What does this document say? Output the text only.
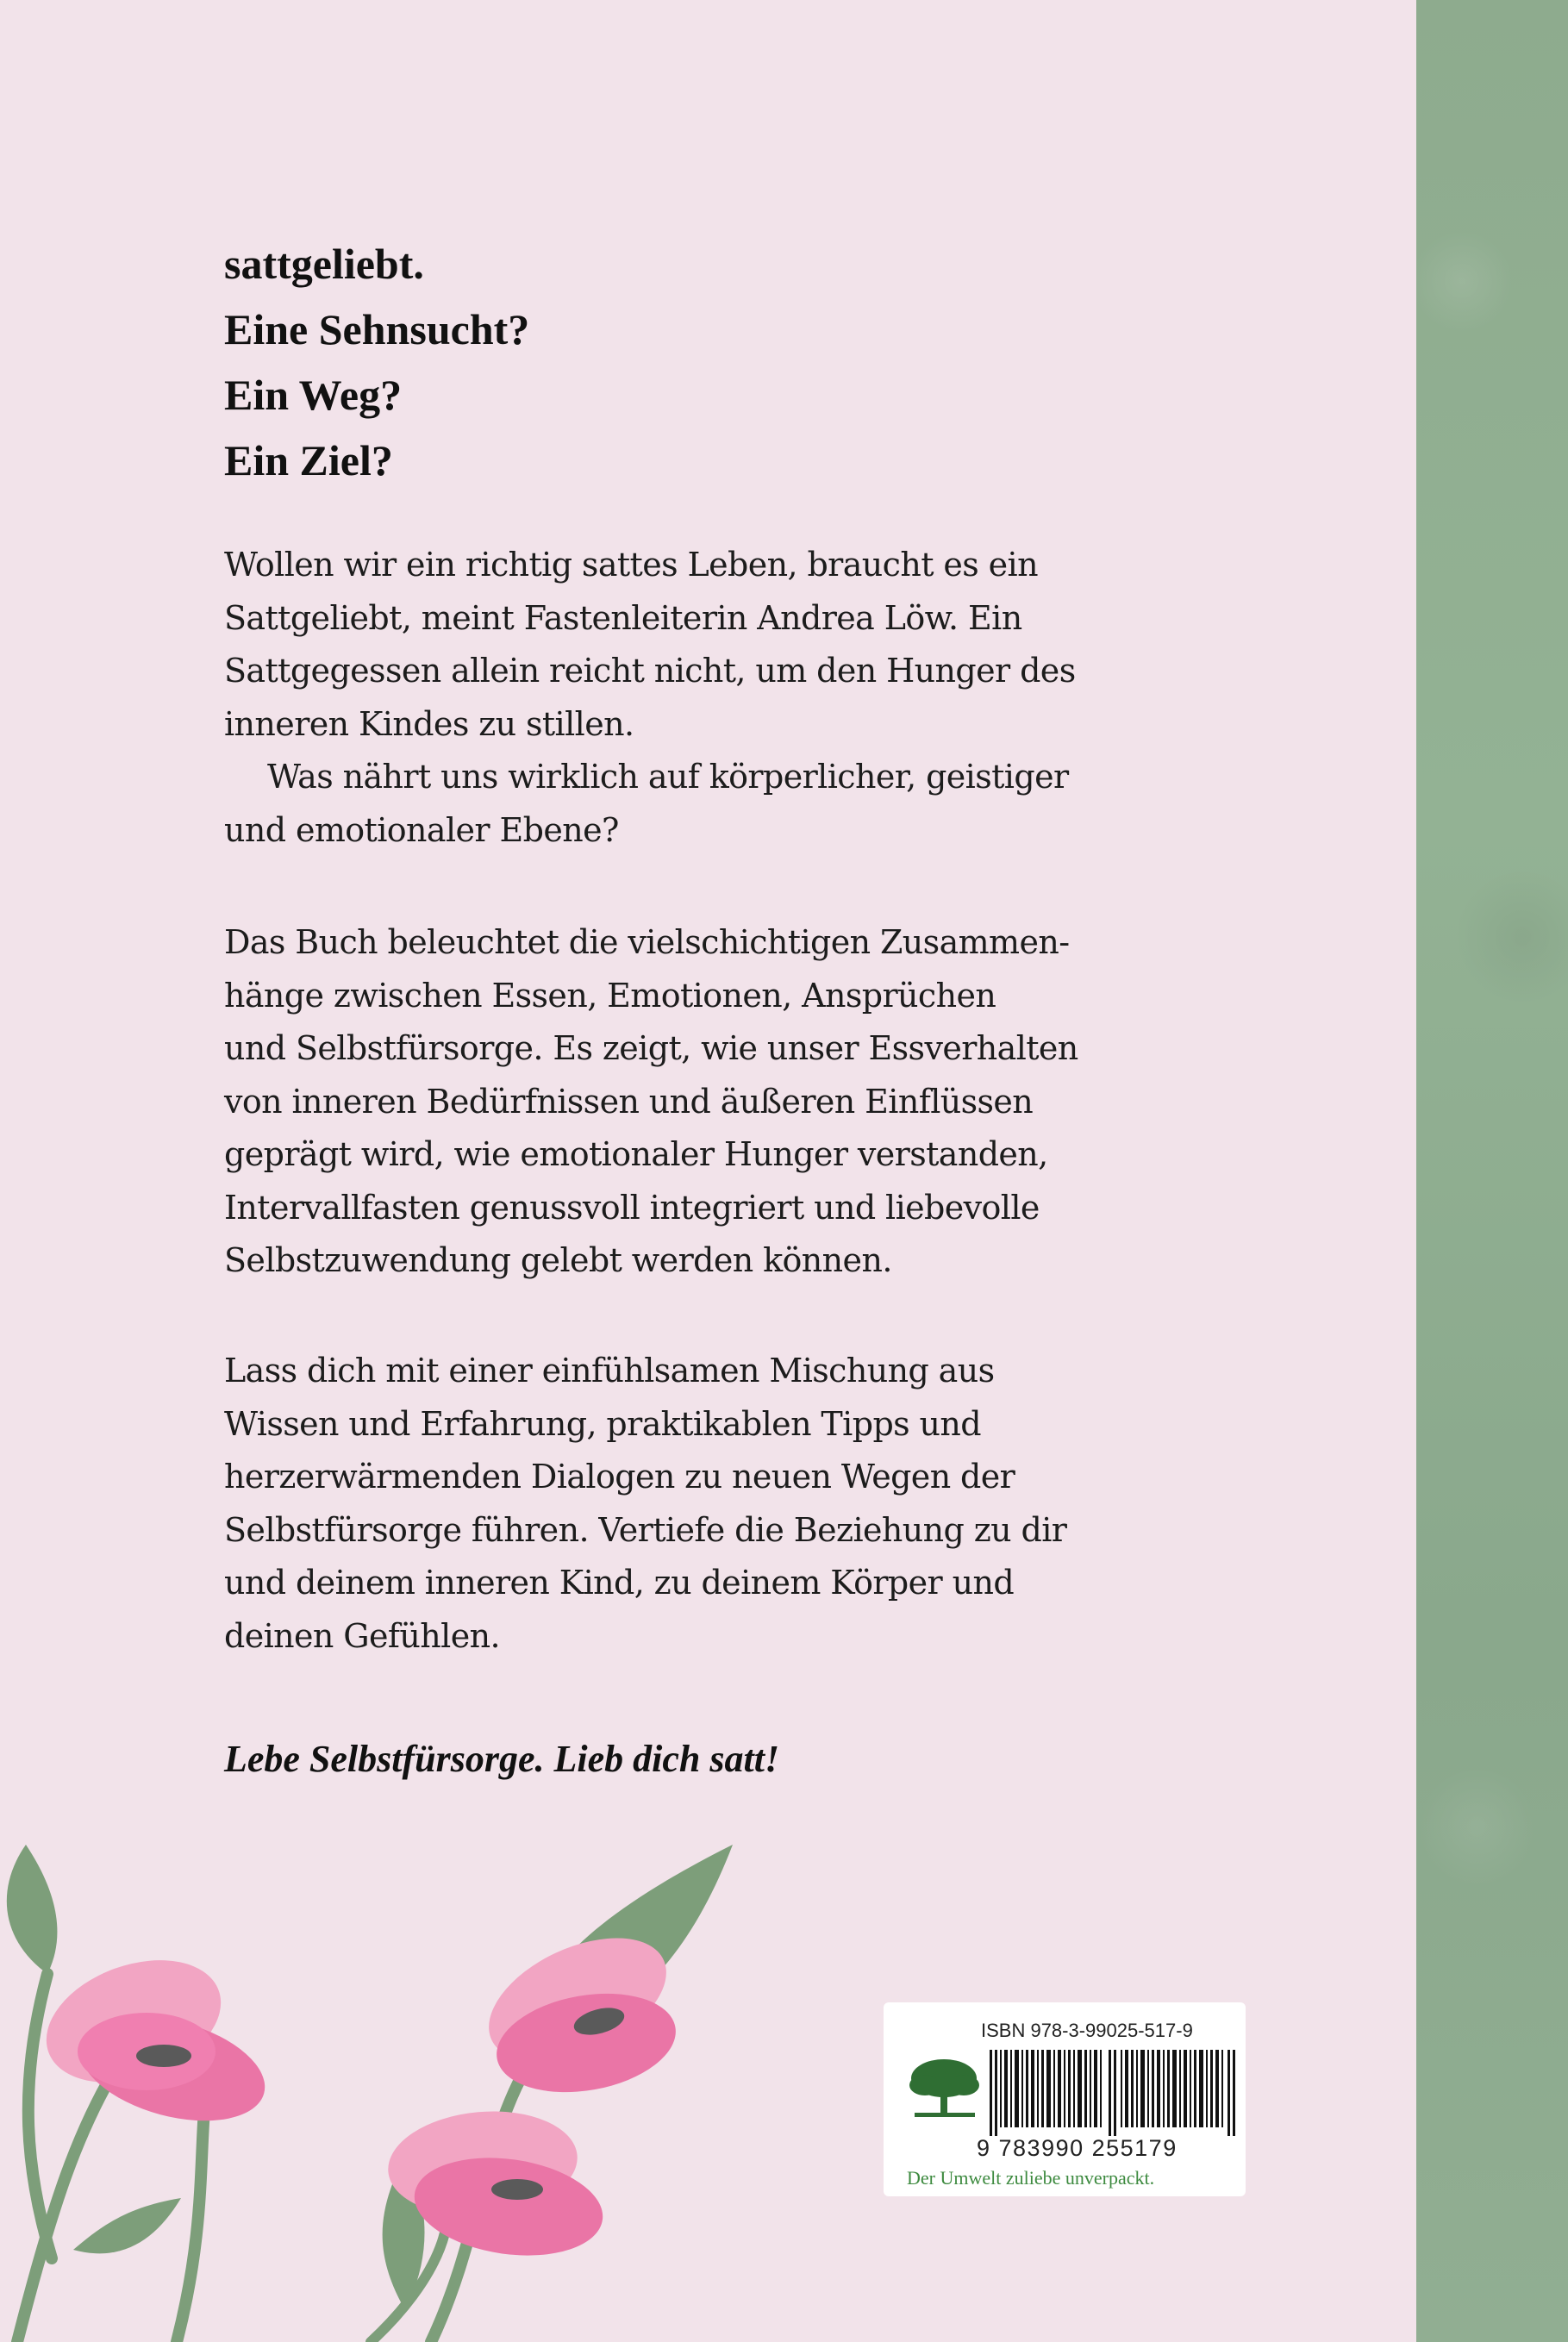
sattgeliebt.
Eine Sehnsucht?
Ein Weg?
Ein Ziel?
Wollen wir ein richtig sattes Leben, braucht es ein
Sattgeliebt, meint Fastenleiterin Andrea Löw. Ein
Sattgegessen allein reicht nicht, um den Hunger des
inneren Kindes zu stillen.
Was nährt uns wirklich auf körperlicher, geistiger
und emotionaler Ebene?
Das Buch beleuchtet die vielschichtigen Zusammen-
hänge zwischen Essen, Emotionen, Ansprüchen
und Selbstfürsorge. Es zeigt, wie unser Essverhalten
von inneren Bedürfnissen und äußeren Einflüssen
geprägt wird, wie emotionaler Hunger verstanden,
Intervallfasten genussvoll integriert und liebevolle
Selbstzuwendung gelebt werden können.
Lass dich mit einer einfühlsamen Mischung aus
Wissen und Erfahrung, praktikablen Tipps und
herzerwärmenden Dialogen zu neuen Wegen der
Selbstfürsorge führen. Vertiefe die Beziehung zu dir
und deinem inneren Kind, zu deinem Körper und
deinen Gefühlen.

Lebe Selbstfürsorge. Lieb dich satt!

ISBN 978-3-99025-517-9
9 783990 255179
Der Umwelt zuliebe unverpackt.
